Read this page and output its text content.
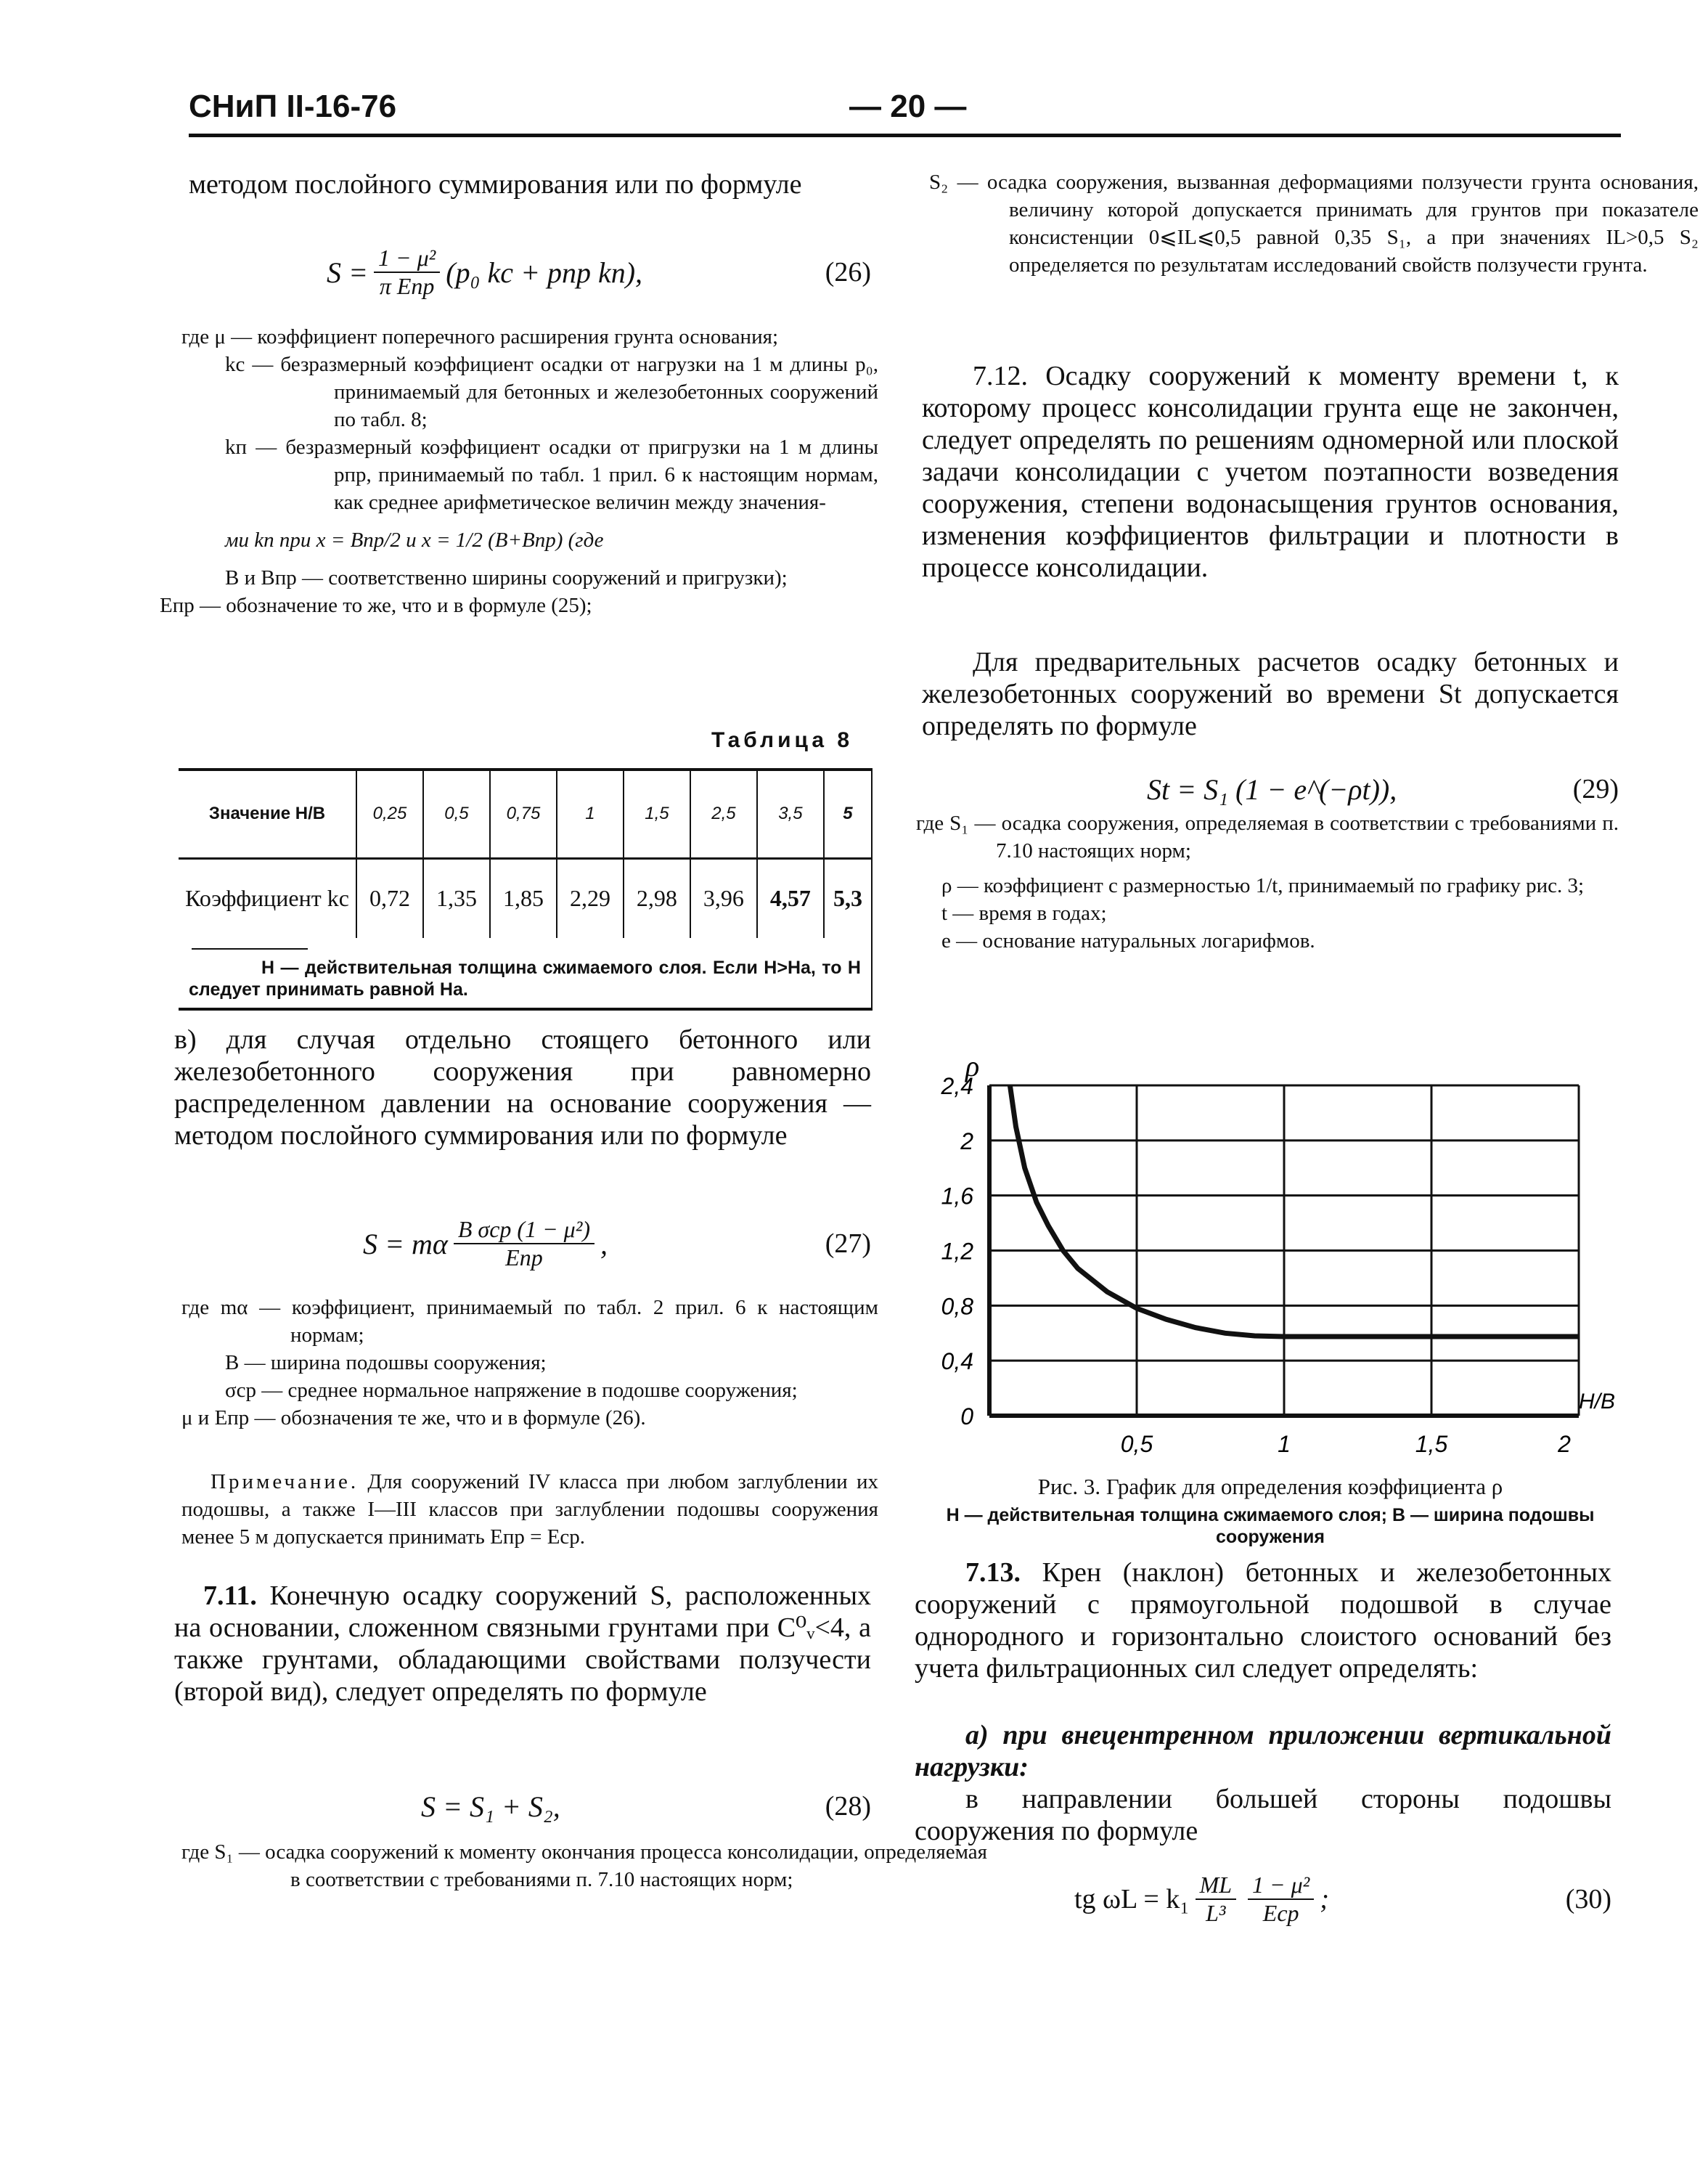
СНиП II-16-76	— 20 —
методом послойного суммирования или по формуле
$S = \frac{\text{1 − μ²}}{\text{π Eпр}} (p_0$ kс + pпр kп),	(26)
где μ — коэффициент поперечного расширения грунта основания;
kс — безразмерный коэффициент осадки от нагрузки на 1 м длины p₀, принимаемый для бетонных и железобетонных сооружений по табл. 8;
kп — безразмерный коэффициент осадки от пригрузки на 1 м длины pпр, принимаемый по табл. 1 прил. 6 к настоящим нормам, как среднее арифметическое величин между значения-
ми kп при x = Bпр/2 и x = 1/2 (B+Bпр) (где
B и Bпр — соответственно ширины сооружений и пригрузки);
Eпр — обозначение то же, что и в формуле (25);
Таблица 8
Значение H/B	0,25	0,5	0,75	1	1,5	2,5	3,5	5
Коэффициент kс	0,72	1,35	1,85	2,29	2,98	3,96	4,57	5,3
H — действительная толщина сжимаемого слоя. Если H>Hа, то H следует принимать равной Hа.
в) для случая отдельно стоящего бетонного или железобетонного сооружения при равномерно распределенном давлении на основание сооружения — методом послойного суммирования или по формуле
S = mα $\frac{\text{B σср (1 − μ²)}}{\text{Eпр}}$ ,	(27)
где mα — коэффициент, принимаемый по табл. 2 прил. 6 к настоящим нормам;
B — ширина подошвы сооружения;
σср — среднее нормальное напряжение в подошве сооружения;
μ и Eпр — обозначения те же, что и в формуле (26).
Примечание. Для сооружений IV класса при любом заглублении их подошвы, а также I—III классов при заглублении подошвы сооружения менее 5 м допускается принимать Eпр = Eср.
7.11. Конечную осадку сооружений S, расположенных на основании, сложенном связными грунтами при C⁰ᵥ<4, а также грунтами, обладающими свойствами ползучести (второй вид), следует определять по формуле
S = S₁ + S₂,	(28)
где S₁ — осадка сооружений к моменту окончания процесса консолидации, определяемая в соответствии с требованиями п. 7.10 настоящих норм;
S₂ — осадка сооружения, вызванная деформациями ползучести грунта основания, величину которой допускается принимать для грунтов при показателе консистенции 0⩽IL⩽0,5 равной 0,35 S₁, а при значениях IL>0,5 S₂ определяется по результатам исследований свойств ползучести грунта.
7.12. Осадку сооружений к моменту времени t, к которому процесс консолидации грунта еще не закончен, следует определять по решениям одномерной или плоской задачи консолидации с учетом поэтапности возведения сооружения, степени водонасыщения грунтов основания, изменения коэффициентов фильтрации и плотности в процессе консолидации.
Для предварительных расчетов осадку бетонных и железобетонных сооружений во времени St допускается определять по формуле
St = S₁ (1 − e^(−ρt)),	(29)
где S₁ — осадка сооружения, определяемая в соответствии с требованиями п. 7.10 настоящих норм;
ρ — коэффициент с размерностью 1/t, принимаемый по графику рис. 3;
t — время в годах;
e — основание натуральных логарифмов.
2,4
2
1,6
1,2
0,8
0,4
0
0,5	1	1,5	2
ρ
H/B
Рис. 3. График для определения коэффициента ρ
H — действительная толщина сжимаемого слоя; B — ширина подошвы сооружения
7.13. Крен (наклон) бетонных и железобетонных сооружений с прямоугольной подошвой в случае однородного и горизонтально слоистого оснований без учета фильтрационных сил следует определять:
а) при внецентренном приложении вертикальной нагрузки:
в направлении большей стороны подошвы сооружения по формуле
tg $\omega L = k_1 \frac{ML}{\text{L³}} \frac{\text{1 − μ²}}{\text{Eср}}$ ;	(30)
